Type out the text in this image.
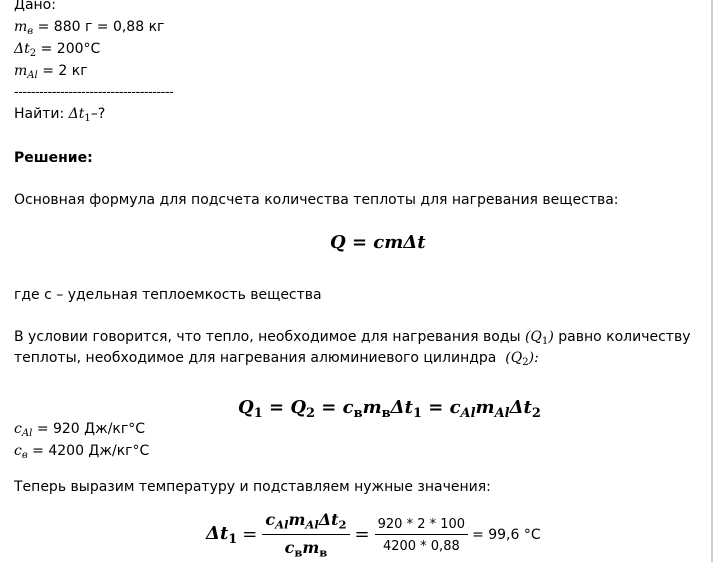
Дано:
$m_в = 880$ г = 0,88 кг
$\Delta t_2 = 200^\circ C$
$m_{Al} = 2$ кг
--------------------------------------
Найти: $\Delta t_1-$?
Решение:
Основная формула для подсчета количества теплоты для нагревания вещества:
Q = cmΔt
где c – удельная теплоемкость вещества
В условии говорится, что тепло, необходимое для нагревания воды $(Q_1)$ равно количеству
теплоты, необходимое для нагревания алюминиевого цилиндра $(Q_2)$:
$Q_1 = Q_2 = c_вm_в\Delta t_1 = c_{Al}m_{Al}\Delta t_2$
$c_{Al} = 920$ Дж/кг°C
$c_в = 4200$ Дж/кг°C
Теперь выразим температуру и подставляем нужные значения:
$\Delta t_1 = \frac{c_{Al}m_{Al}\Delta t_2}{c_вm_в} = \frac{920 * 2 * 100}{4200 * 0,88} = 99,6$ °C
